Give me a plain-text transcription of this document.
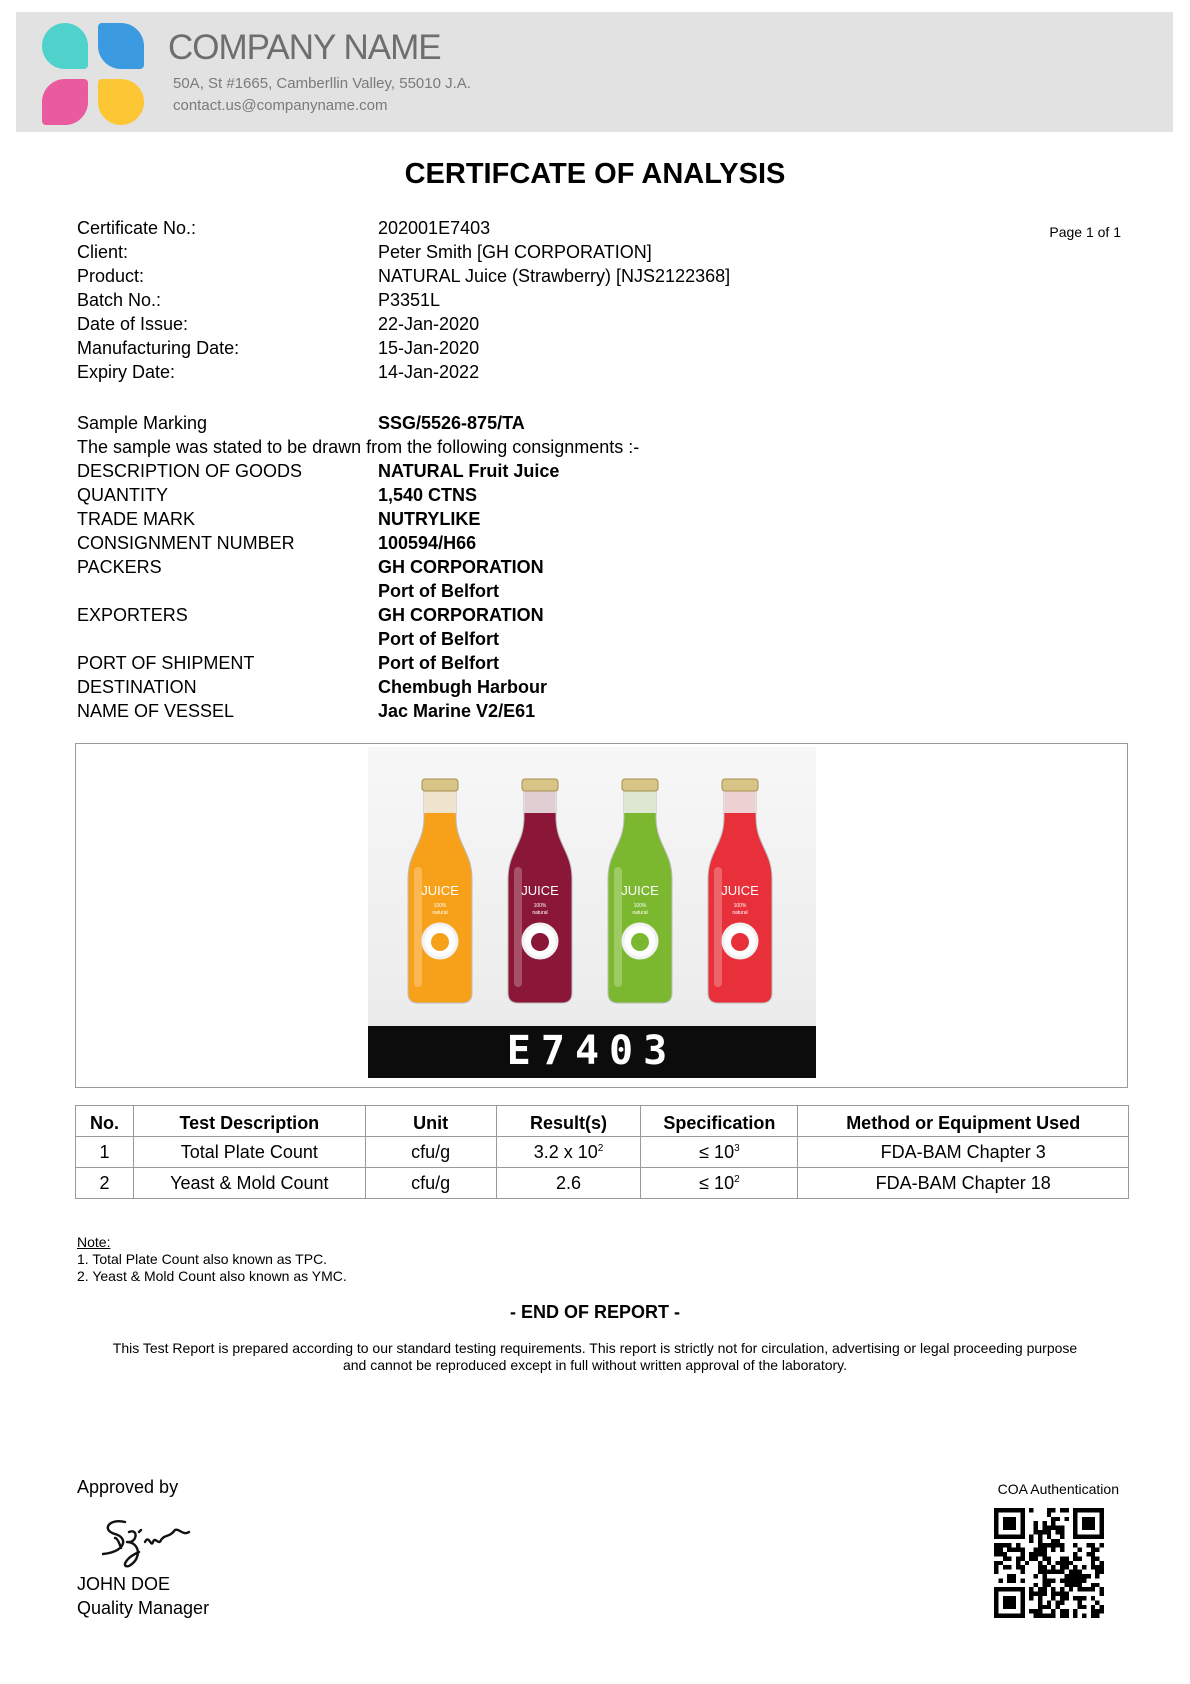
COMPANY NAME
50A, St #1665, Camberllin Valley, 55010 J.A.
contact.us@companyname.com
CERTIFCATE OF ANALYSIS
Page 1 of 1
Certificate No.:	202001E7403
Client:	Peter Smith [GH CORPORATION]
Product:	NATURAL Juice (Strawberry) [NJS2122368]
Batch No.:	P3351L
Date of Issue:	22-Jan-2020
Manufacturing Date:	15-Jan-2020
Expiry Date:	14-Jan-2022
Sample Marking	SSG/5526-875/TA
The sample was stated to be drawn from the following consignments :-
DESCRIPTION OF GOODS	NATURAL Fruit Juice
QUANTITY	1,540 CTNS
TRADE MARK	NUTRYLIKE
CONSIGNMENT NUMBER	100594/H66
PACKERS	GH CORPORATION
Port of Belfort
EXPORTERS	GH CORPORATION
Port of Belfort
PORT OF SHIPMENT	Port of Belfort
DESTINATION	Chembugh Harbour
NAME OF VESSEL	Jac Marine V2/E61
JUICE
100%
natural
JUICE
100%
natural
JUICE
100%
natural
JUICE
100%
natural
E7403
No.	Test Description	Unit	Result(s)	Specification	Method or Equipment Used
1	Total Plate Count	cfu/g	3.2 x $10^2$	≤ $10^3$	FDA-BAM Chapter 3
2	Yeast & Mold Count	cfu/g	2.6	≤ $10^2$	FDA-BAM Chapter 18
Note:
1. Total Plate Count also known as TPC.
2. Yeast & Mold Count also known as YMC.
- END OF REPORT -
This Test Report is prepared according to our standard testing requirements. This report is strictly not for circulation, advertising or legal proceeding purpose
and cannot be reproduced except in full without written approval of the laboratory.
Approved by
JOHN DOE
Quality Manager
COA Authentication
